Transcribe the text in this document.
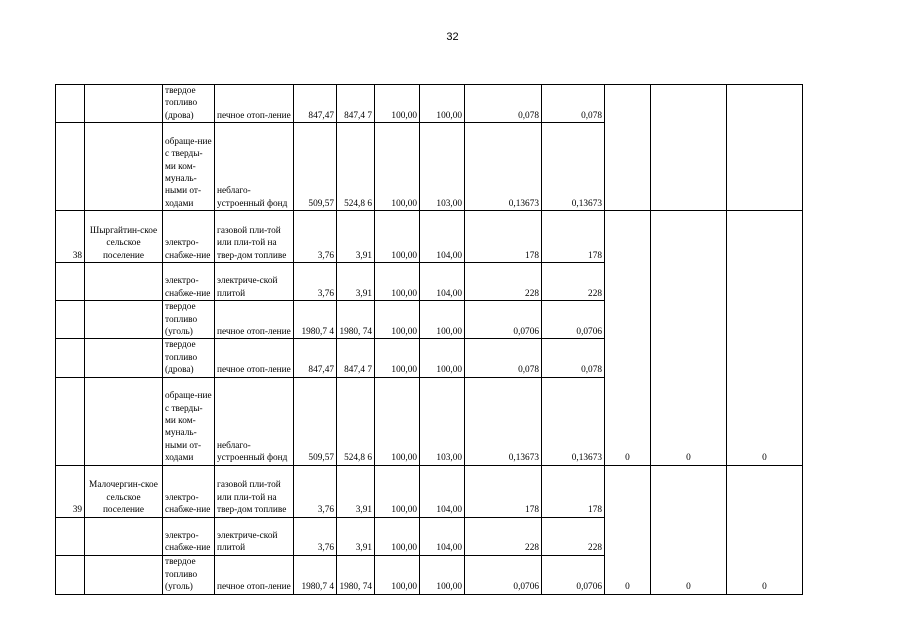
32
		твердое топливо (дрова)	печное отоп-ление	847,47	847,4 7	100,00	100,00	0,078	0,078			
		обраще-ние с тверды-ми ком-муналь-ными от-ходами	неблаго-устроенный фонд	509,57	524,8 6	100,00	103,00	0,13673	0,13673			
38	Шыргайтин-ское сельское поселение	электро-снабже-ние	газовой пли-той или пли-той на твер-дом топливе	3,76	3,91	100,00	104,00	178	178	0	0	0
		электро-снабже-ние	электриче-ской плитой	3,76	3,91	100,00	104,00	228	228			
		твердое топливо (уголь)	печное отоп-ление	1980,7 4	1980, 74	100,00	100,00	0,0706	0,0706			
		твердое топливо (дрова)	печное отоп-ление	847,47	847,4 7	100,00	100,00	0,078	0,078			
		обраще-ние с тверды-ми ком-муналь-ными от-ходами	неблаго-устроенный фонд	509,57	524,8 6	100,00	103,00	0,13673	0,13673			
39	Малочергин-ское сельское поселение	электро-снабже-ние	газовой пли-той или пли-той на твер-дом топливе	3,76	3,91	100,00	104,00	178	178	0	0	0
		электро-снабже-ние	электриче-ской плитой	3,76	3,91	100,00	104,00	228	228			
		твердое топливо (уголь)	печное отоп-ление	1980,7 4	1980, 74	100,00	100,00	0,0706	0,0706			
